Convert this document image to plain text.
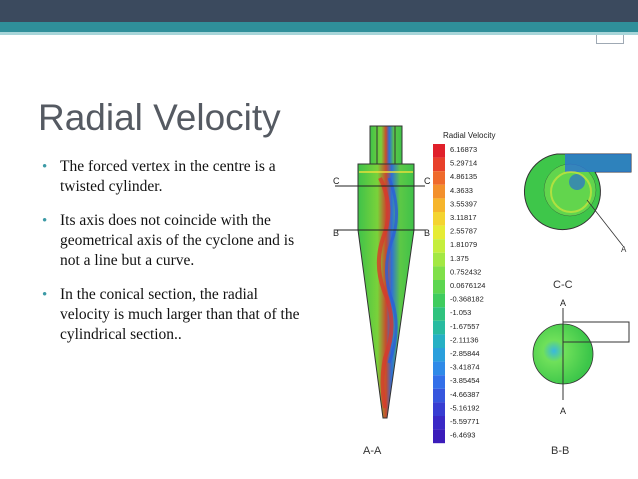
Radial Velocity
• The forced vertex in the centre is a twisted cylinder.
• Its axis does not coincide with the geometrical axis of the cyclone and is not a line but a curve.
• In the conical section, the radial velocity is much larger than that of the cylindrical section..
C	C
B	B
A-A
Radial Velocity
6.16873
5.29714
4.86135
4.3633
3.55397
3.11817
2.55787
1.81079
1.375
0.752432
0.0676124
-0.368182
-1.053
-1.67557
-2.11136
-2.85844
-3.41874
-3.85454
-4.66387
-5.16192
-5.59771
-6.4693
A
C-C
A
A
B-B
